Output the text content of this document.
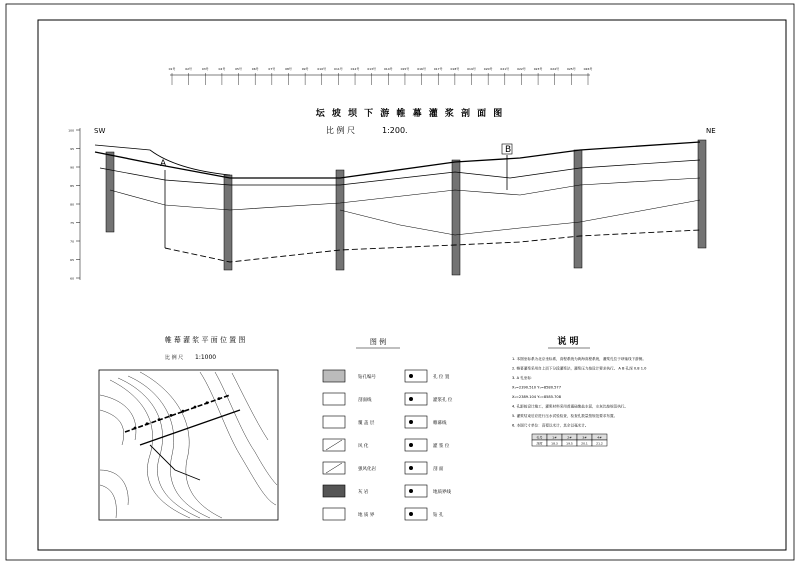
01号	02号	03号	04号	05号	06号	07号	08号	09号	010号	011号	012号	013号	014号	015号	016号	017号	018号	019号	020号	021号	022号	023号	024号	025号	026号
坛 坡 坝 下 游 帷 幕 灌 浆 剖 面 图
比 例 尺	1:200.
100
95
90
85
80
75
70
65
60
SW	NE
A
B
帷 幕 灌 浆 平 面 位 置 图
比 例 尺 1:1000
图 例
钻孔编号
剖面线
覆 盖 层
风 化
强风化岩
灰 岩
地 质 界
孔 位 置
灌浆孔 位
帷幕线
灌 浆 位
剖 面
地质界线
钻 孔
说 明
1. 本图坐标系为北京坐标系，高程系统为黄海高程系统，灌浆孔位于坝轴线下游侧。
2. 帷幕灌浆采用自上而下分段灌浆法，灌浆压力按设计要求执行。 A B 孔深 0.8 1.0
3. A 孔坐标：
X₁=2390.510 Y₁=8580.577
X₂=2389.104 Y₂=8585.708
4. 孔距按设计施工，灌浆材料采用普通硅酸盐水泥，水灰比按规范执行。
5. 灌浆结束后应进行压水试验检查，检查孔数量按规范要求布置。
6. 本图尺寸单位：高程以米计，其余以毫米计。
孔号	1#	2#	3#	4#
深度	18.3	19.5	20.1	21.2
